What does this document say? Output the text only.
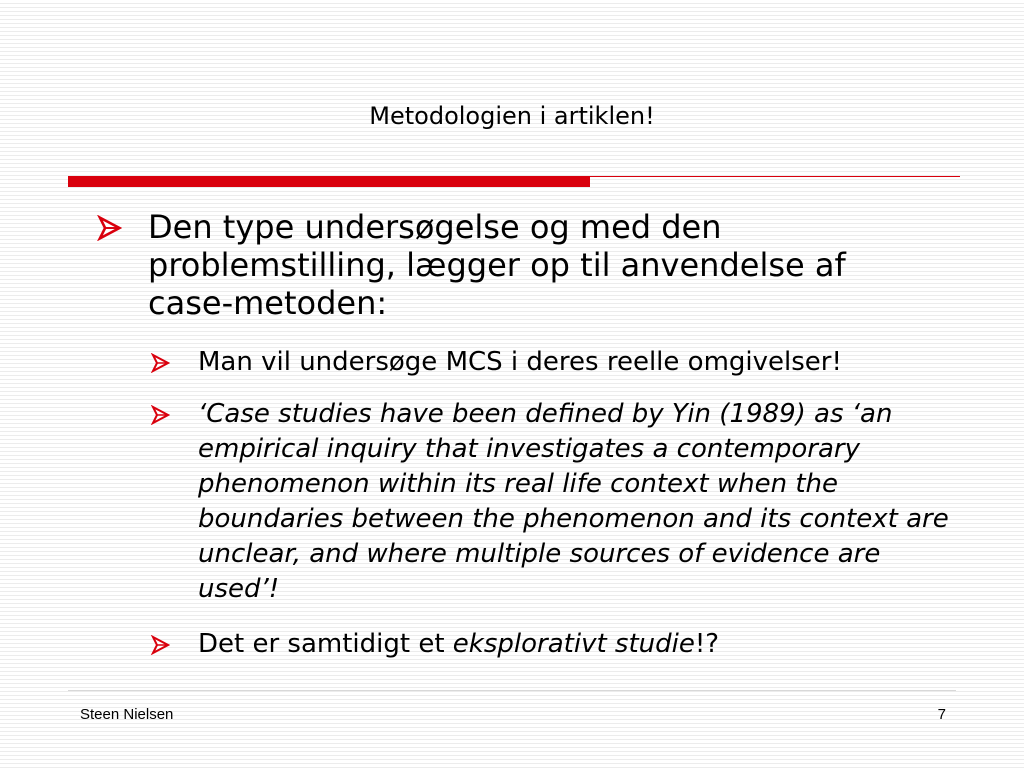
Metodologien i artiklen!
Den type undersøgelse og med den problemstilling, lægger op til anvendelse af case-metoden:
Man vil undersøge MCS i deres reelle omgivelser!
‘Case studies have been defined by Yin (1989) as ‘an empirical inquiry that investigates a contemporary phenomenon within its real life context when the boundaries between the phenomenon and its context are unclear, and where multiple sources of evidence are used’!
Det er samtidigt et eksplorativt studie!?
Steen Nielsen	7
